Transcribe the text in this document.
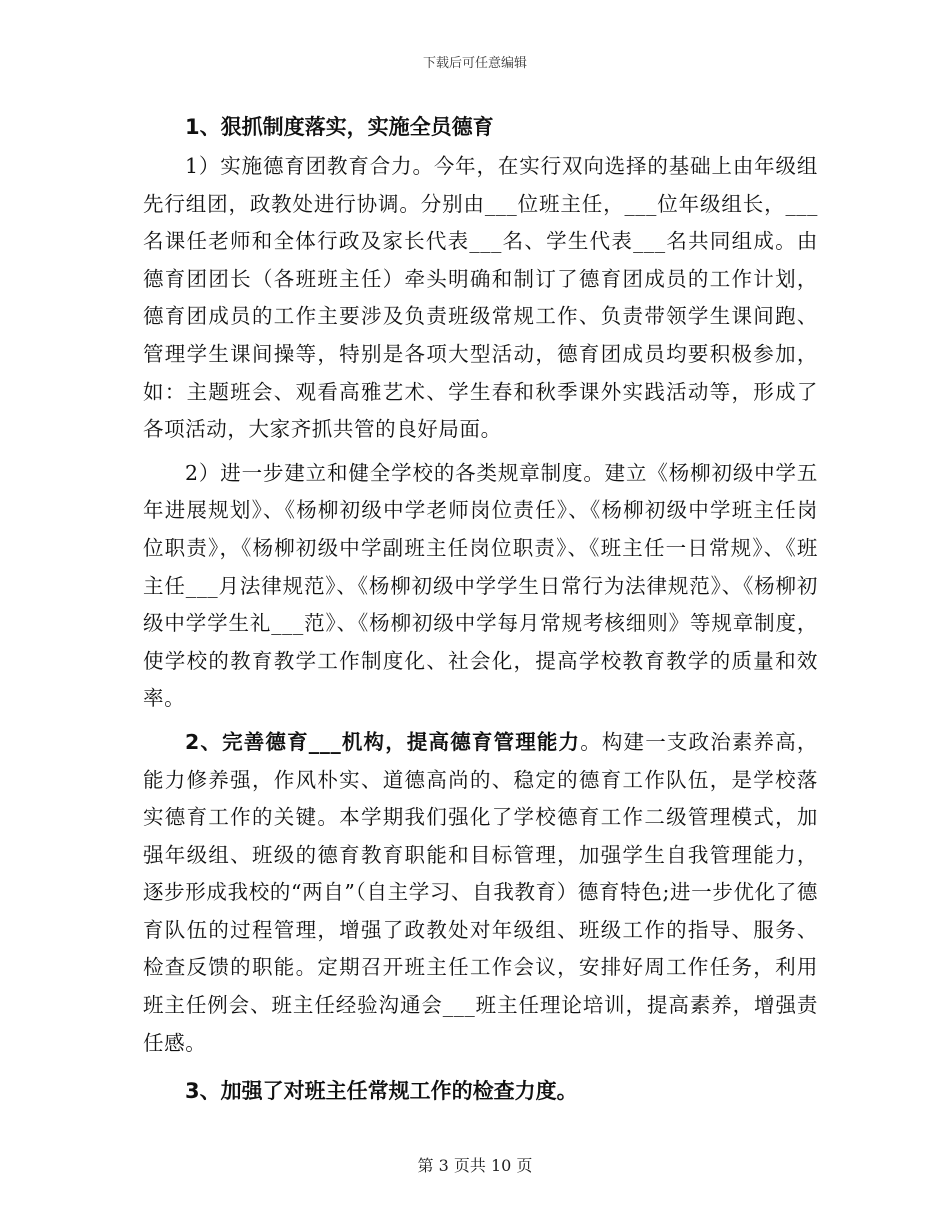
下载后可任意编辑

1、狠抓制度落实，实施全员德育

1）实施德育团教育合力。今年，在实行双向选择的基础上由年级组先行组团，政教处进行协调。分别由___位班主任，___位年级组长，___名课任老师和全体行政及家长代表___名、学生代表___名共同组成。由德育团团长（各班班主任）牵头明确和制订了德育团成员的工作计划，德育团成员的工作主要涉及负责班级常规工作、负责带领学生课间跑、管理学生课间操等，特别是各项大型活动，德育团成员均要积极参加，如：主题班会、观看高雅艺术、学生春和秋季课外实践活动等，形成了各项活动，大家齐抓共管的良好局面。

2）进一步建立和健全学校的各类规章制度。建立《杨柳初级中学五年进展规划》、《杨柳初级中学老师岗位责任》、《杨柳初级中学班主任岗位职责》，《杨柳初级中学副班主任岗位职责》、《班主任一日常规》、《班主任___月法律规范》、《杨柳初级中学学生日常行为法律规范》、《杨柳初级中学学生礼___范》、《杨柳初级中学每月常规考核细则》等规章制度，使学校的教育教学工作制度化、社会化，提高学校教育教学的质量和效率。

2、完善德育___机构，提高德育管理能力。构建一支政治素养高，能力修养强，作风朴实、道德高尚的、稳定的德育工作队伍，是学校落实德育工作的关键。本学期我们强化了学校德育工作二级管理模式，加强年级组、班级的德育教育职能和目标管理，加强学生自我管理能力，逐步形成我校的“两自”（自主学习、自我教育）德育特色;进一步优化了德育队伍的过程管理，增强了政教处对年级组、班级工作的指导、服务、检查反馈的职能。定期召开班主任工作会议，安排好周工作任务，利用班主任例会、班主任经验沟通会___班主任理论培训，提高素养，增强责任感。

3、加强了对班主任常规工作的检查力度。

第 3 页共 10 页
